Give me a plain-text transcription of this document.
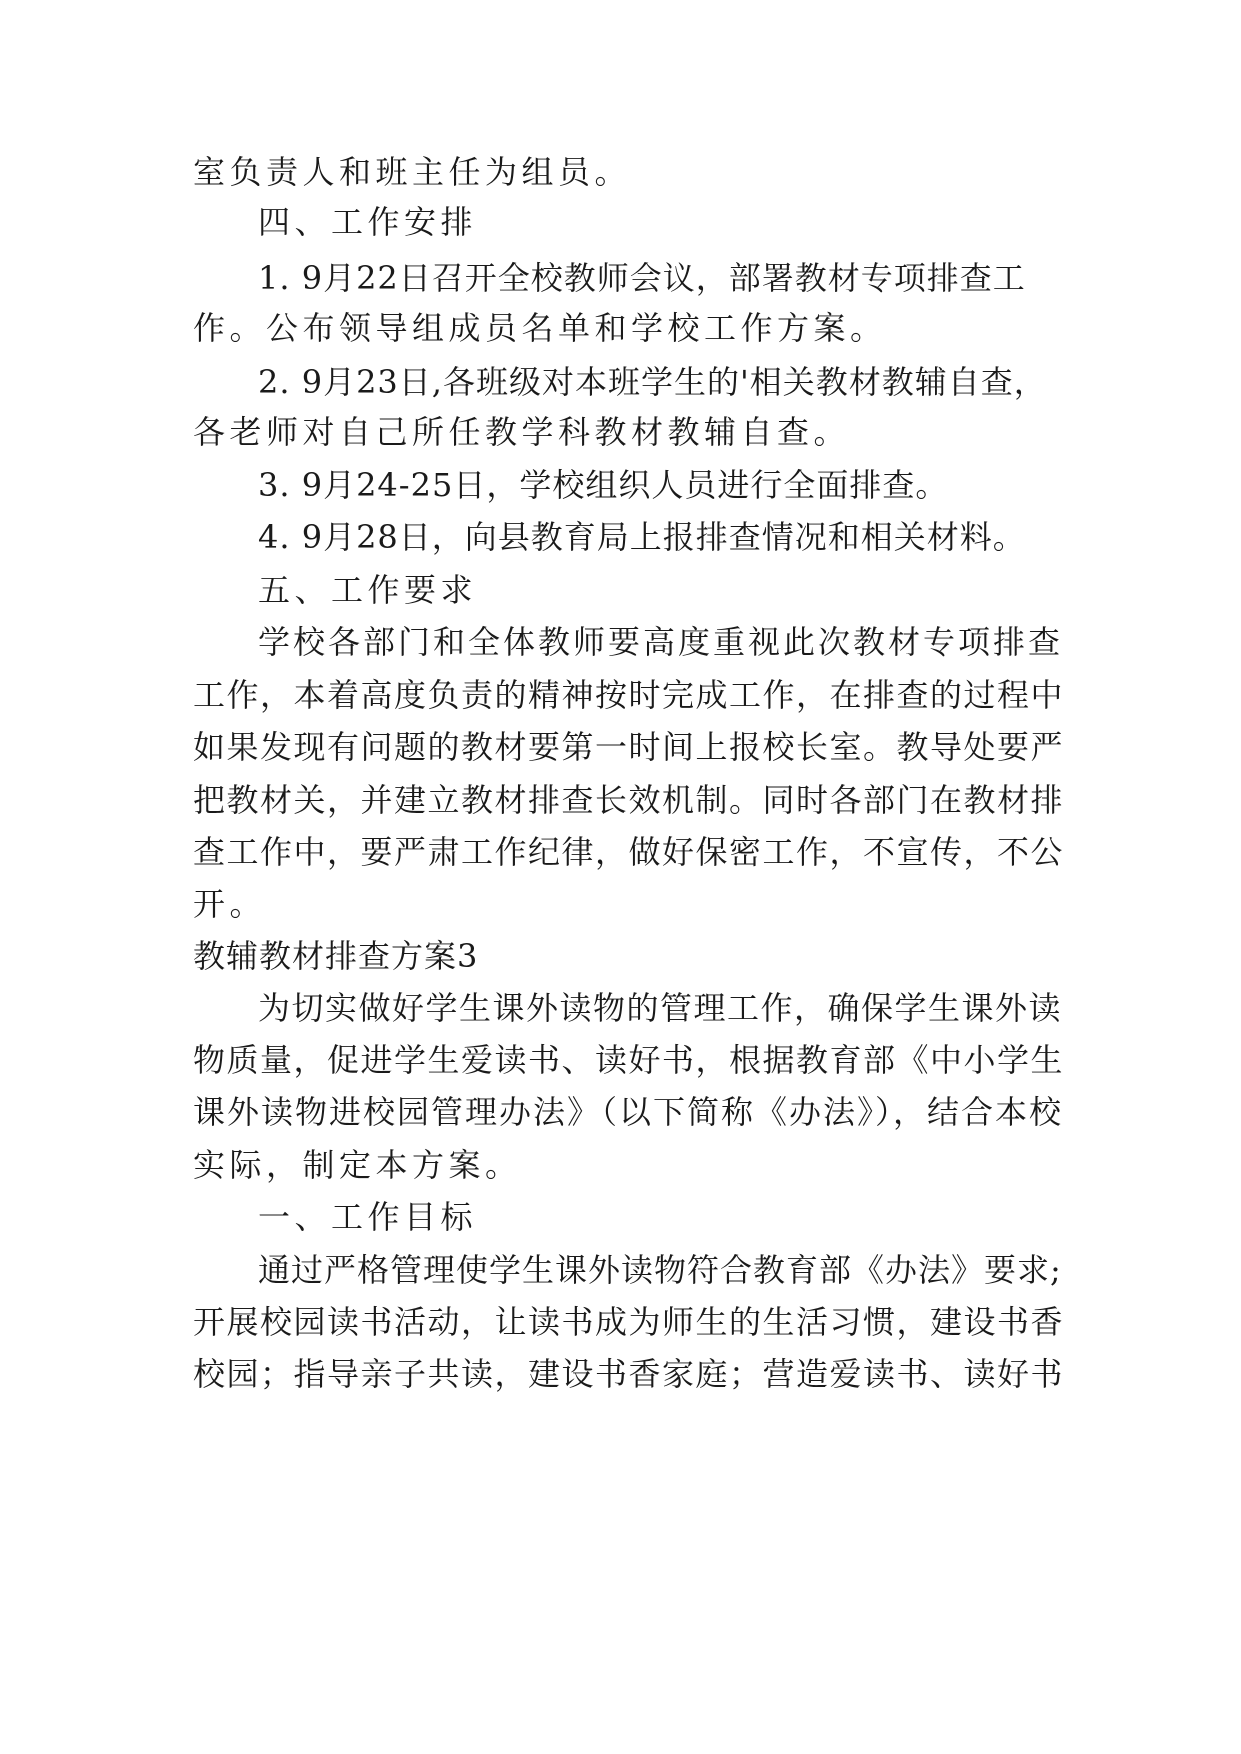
室负责人和班主任为组员。
四、工作安排
1. 9月22日召开全校教师会议，部署教材专项排查工
作。公布领导组成员名单和学校工作方案。
2. 9月23日,各班级对本班学生的'相关教材教辅自查，
各老师对自己所任教学科教材教辅自查。
3. 9月24-25日，学校组织人员进行全面排查。
4. 9月28日，向县教育局上报排查情况和相关材料。
五、工作要求
学校各部门和全体教师要高度重视此次教材专项排查
工作，本着高度负责的精神按时完成工作，在排查的过程中
如果发现有问题的教材要第一时间上报校长室。教导处要严
把教材关，并建立教材排查长效机制。同时各部门在教材排
查工作中，要严肃工作纪律，做好保密工作，不宣传，不公
开。
教辅教材排查方案3
为切实做好学生课外读物的管理工作，确保学生课外读
物质量，促进学生爱读书、读好书，根据教育部《中小学生
课外读物进校园管理办法》（以下简称《办法》），结合本校
实际，制定本方案。
一、工作目标
通过严格管理使学生课外读物符合教育部《办法》要求;
开展校园读书活动，让读书成为师生的生活习惯，建设书香
校园；指导亲子共读，建设书香家庭；营造爱读书、读好书
